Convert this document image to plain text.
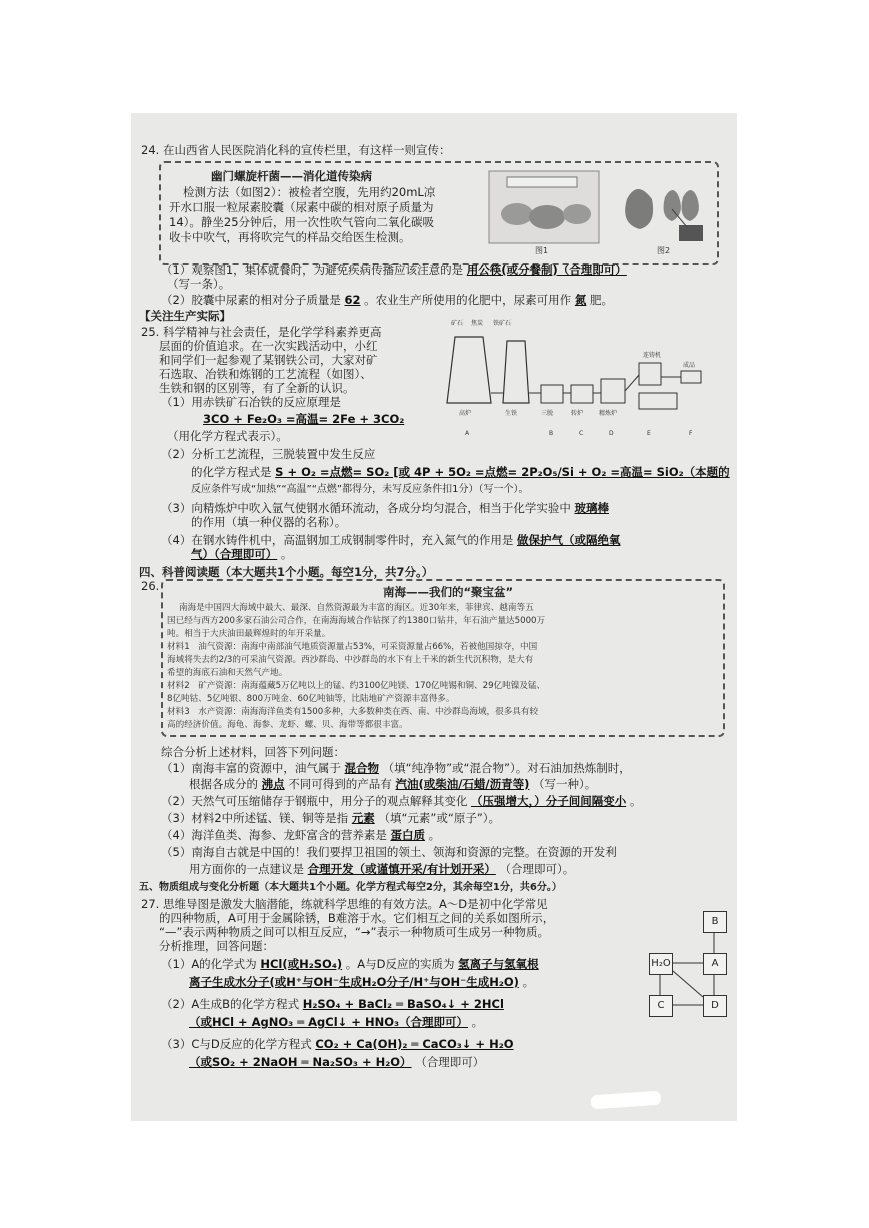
24. 在山西省人民医院消化科的宣传栏里，有这样一则宣传：
幽门螺旋杆菌——消化道传染病
检测方法（如图2）：被检者空腹，先用约20mL凉
开水口服一粒尿素胶囊（尿素中碳的相对原子质量为
14）。静坐25分钟后，用一次性吹气管向二氧化碳吸
收卡中吹气，再将吹完气的样品交给医生检测。
图1	图2
（1）观察图1，集体就餐时，为避免疾病传播应该注意的是 用公筷(或分餐制)（合理即可）
（写一条）。
（2）胶囊中尿素的相对分子质量是 62 。农业生产所使用的化肥中，尿素可用作 氮 肥。
【关注生产实际】
25. 科学精神与社会责任，是化学学科素养更高
层面的价值追求。在一次实践活动中，小红
和同学们一起参观了某钢铁公司，大家对矿
石选取、冶铁和炼钢的工艺流程（如图）、
生铁和钢的区别等，有了全新的认识。
矿石 焦炭 铁矿石
高炉	生铁	三脱	转炉	精炼炉
连铸机
成品
A	B	C	D	E	F
（1）用赤铁矿石冶铁的反应原理是
3CO + Fe₂O₃ =高温= 2Fe + 3CO₂
（用化学方程式表示）。
（2）分析工艺流程，三脱装置中发生反应
的化学方程式是 S + O₂ =点燃= SO₂ [或 4P + 5O₂ =点燃= 2P₂O₅/Si + O₂ =高温= SiO₂（本题的
反应条件写成“加热”“高温”“点燃”都得分，未写反应条件扣1分）（写一个）。
（3）向精炼炉中吹入氩气使钢水循环流动，各成分均匀混合，相当于化学实验中 玻璃棒
的作用（填一种仪器的名称）。
（4）在钢水铸件机中，高温钢加工成钢制零件时，充入氮气的作用是 做保护气（或隔绝氧
气）（合理即可） 。
四、科普阅读题（本大题共1个小题。每空1分，共7分。）
26.	南海——我们的“聚宝盆”
南海是中国四大海域中最大、最深、自然资源最为丰富的海区。近30年来，菲律宾、越南等五
国已经与西方200多家石油公司合作，在南海海域合作钻探了约1380口钻井，年石油产量达5000万
吨。相当于大庆油田最辉煌时的年开采量。
材料1　油气资源：南海中南部油气地质资源量占53%，可采资源量占66%，若被他国掠夺，中国
海域将失去约2/3的可采油气资源。西沙群岛、中沙群岛的水下有上千米的新生代沉积物，是大有
希望的海底石油和天然气产地。
材料2　矿产资源：南海蕴藏5万亿吨以上的锰、约3100亿吨镁、170亿吨锡和铜、29亿吨镍及锰、
8亿吨钴、5亿吨银、800万吨金、60亿吨铀等，比陆地矿产资源丰富得多。
材料3　水产资源：南海海洋鱼类有1500多种，大多数种类在西、南、中沙群岛海域，很多具有较
高的经济价值。海龟、海参、龙虾、螺、贝、海带等都很丰富。
综合分析上述材料，回答下列问题：
（1）南海丰富的资源中，油气属于 混合物 （填“纯净物”或“混合物”）。对石油加热炼制时，
根据各成分的 沸点 不同可得到的产品有 汽油(或柴油/石蜡/沥青等) （写一种）。
（2）天然气可压缩储存于钢瓶中，用分子的观点解释其变化 （压强增大，）分子间间隔变小 。
（3）材料2中所述锰、镁、铜等是指 元素 （填“元素”或“原子”）。
（4）海洋鱼类、海参、龙虾富含的营养素是 蛋白质 。
（5）南海自古就是中国的！我们要捍卫祖国的领土、领海和资源的完整。在资源的开发利
用方面你的一点建议是 合理开发（或谨慎开采/有计划开采） （合理即可）。
五、物质组成与变化分析题（本大题共1个小题。化学方程式每空2分，其余每空1分，共6分。）
27. 思维导图是激发大脑潜能，练就科学思维的有效方法。A～D是初中化学常见
的四种物质，A可用于金属除锈，B难溶于水。它们相互之间的关系如图所示，
“—”表示两种物质之间可以相互反应，“→”表示一种物质可生成另一种物质。
分析推理，回答问题：
B
A
H₂O
C	D
（1）A的化学式为 HCl(或H₂SO₄) 。A与D反应的实质为 氢离子与氢氧根
离子生成水分子(或H⁺与OH⁻生成H₂O分子/H⁺与OH⁻生成H₂O) 。
（2）A生成B的化学方程式 H₂SO₄ + BaCl₂ ═ BaSO₄↓ + 2HCl
（或HCl + AgNO₃ ═ AgCl↓ + HNO₃（合理即可） 。
（3）C与D反应的化学方程式 CO₂ + Ca(OH)₂ ═ CaCO₃↓ + H₂O
（或SO₂ + 2NaOH ═ Na₂SO₃ + H₂O） （合理即可）
